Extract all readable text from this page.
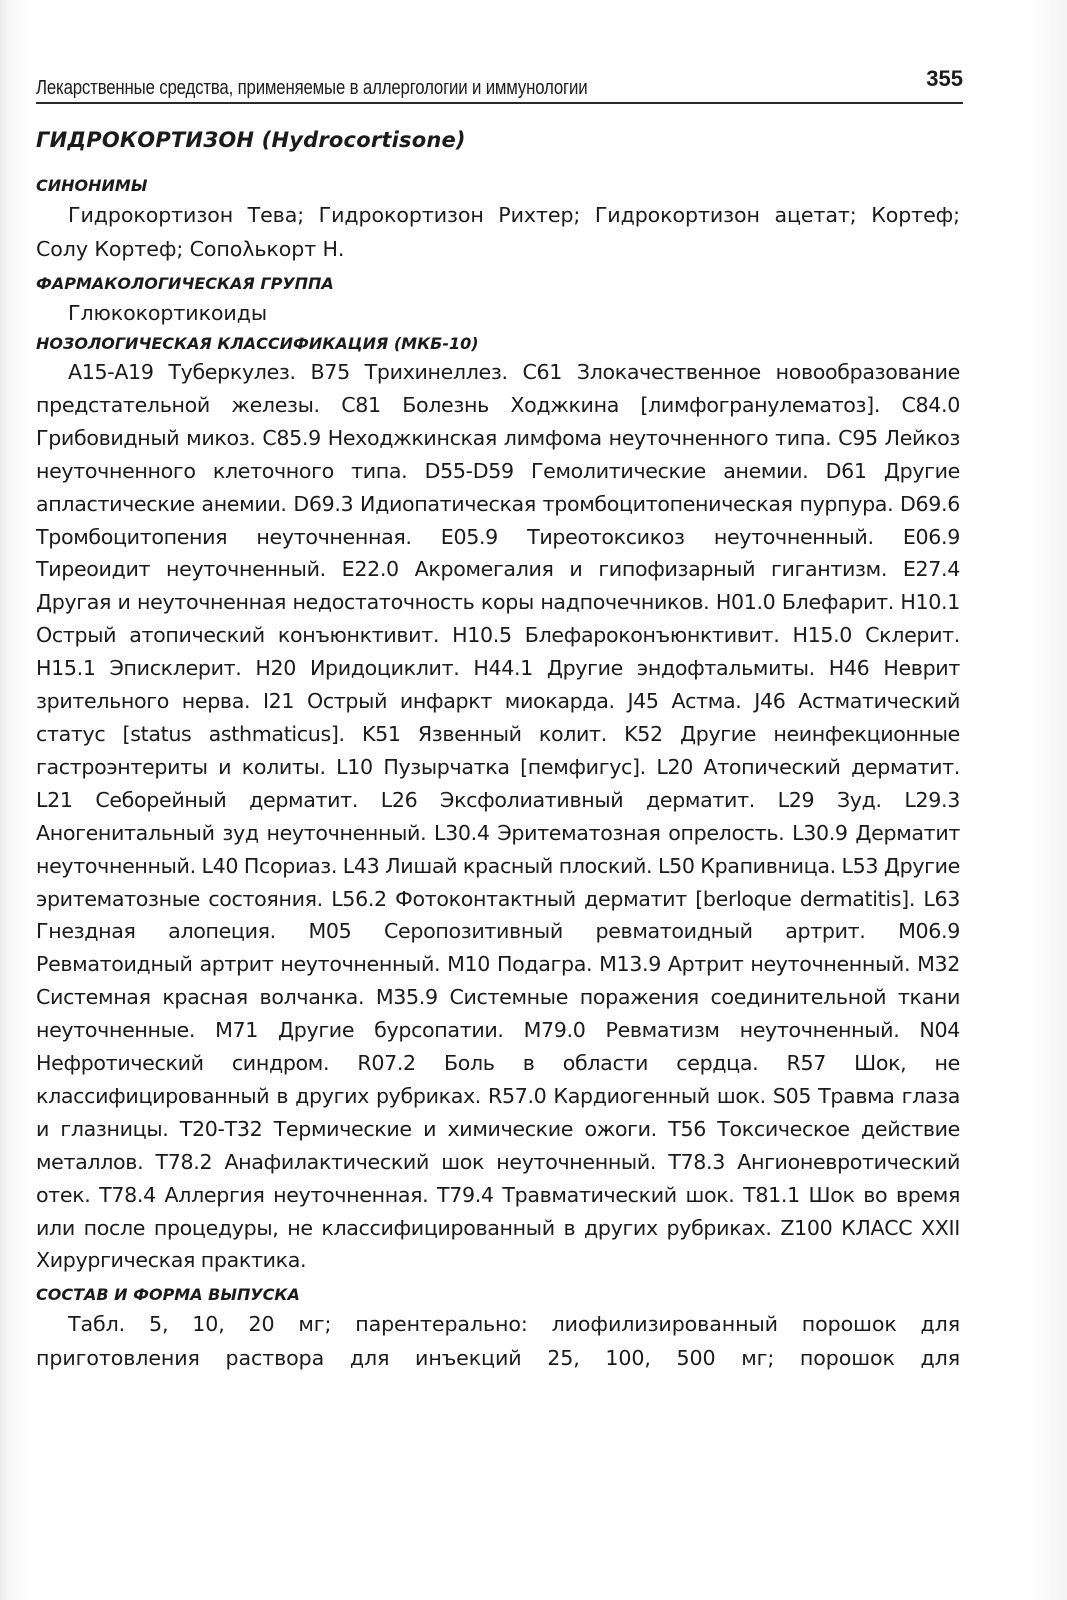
Лекарственные средства, применяемые в аллергологии и иммунологии	355
ГИДРОКОРТИЗОН (Hydrocortisone)
СИНОНИМЫ

Гидрокортизон Тева; Гидрокортизон Рихтер; Гидрокортизон ацетат; Кортеф; Солу Кортеф; Сопολькорт Н.

ФАРМАКОЛОГИЧЕСКАЯ ГРУППА

Глюкокортикоиды

НОЗОЛОГИЧЕСКАЯ КЛАССИФИКАЦИЯ (МКБ-10)

А15-А19 Туберкулез. В75 Трихинеллез. С61 Злокачественное новообразование предстательной железы. С81 Болезнь Ходжкина [лимфогранулематоз]. С84.0 Грибовидный микоз. С85.9 Неходжкинская лимфома неуточненного типа. С95 Лейкоз неуточненного клеточного типа. D55-D59 Гемолитические анемии. D61 Другие апластические анемии. D69.3 Идиопатическая тромбоцитопеническая пурпура. D69.6 Тромбоцитопения неуточненная. Е05.9 Тиреотоксикоз неуточненный. Е06.9 Тиреоидит неуточненный. Е22.0 Акромегалия и гипофизарный гигантизм. Е27.4 Другая и неуточненная недостаточность коры надпочечников. Н01.0 Блефарит. Н10.1 Острый атопический конъюнктивит. Н10.5 Блефароконъюнктивит. Н15.0 Склерит. Н15.1 Эписклерит. Н20 Иридоциклит. Н44.1 Другие эндофтальмиты. Н46 Неврит зрительного нерва. I21 Острый инфаркт миокарда. J45 Астма. J46 Астматический статус [status asthmaticus]. K51 Язвенный колит. K52 Другие неинфекционные гастроэнтериты и колиты. L10 Пузырчатка [пемфигус]. L20 Атопический дерматит. L21 Себорейный дерматит. L26 Эксфолиативный дерматит. L29 Зуд. L29.3 Аногенитальный зуд неуточненный. L30.4 Эритематозная опрелость. L30.9 Дерматит неуточненный. L40 Псориаз. L43 Лишай красный плоский. L50 Крапивница. L53 Другие эритематозные состояния. L56.2 Фотоконтактный дерматит [berloque dermatitis]. L63 Гнездная алопеция. М05 Серопозитивный ревматоидный артрит. М06.9 Ревматоидный артрит неуточненный. М10 Подагра. М13.9 Артрит неуточненный. М32 Системная красная волчанка. М35.9 Системные поражения соединительной ткани неуточненные. М71 Другие бурсопатии. М79.0 Ревматизм неуточненный. N04 Нефротический синдром. R07.2 Боль в области сердца. R57 Шок, не классифицированный в других рубриках. R57.0 Кардиогенный шок. S05 Травма глаза и глазницы. Т20-Т32 Термические и химические ожоги. Т56 Токсическое действие металлов. Т78.2 Анафилактический шок неуточненный. Т78.3 Ангионевротический отек. Т78.4 Аллергия неуточненная. Т79.4 Травматический шок. Т81.1 Шок во время или после процедуры, не классифицированный в других рубриках. Z100 КЛАСС XXII Хирургическая практика.

СОСТАВ И ФОРМА ВЫПУСКА

Табл. 5, 10, 20 мг; парентерально: лиофилизированный порошок для приготовления раствора для инъекций 25, 100, 500 мг; порошок для
